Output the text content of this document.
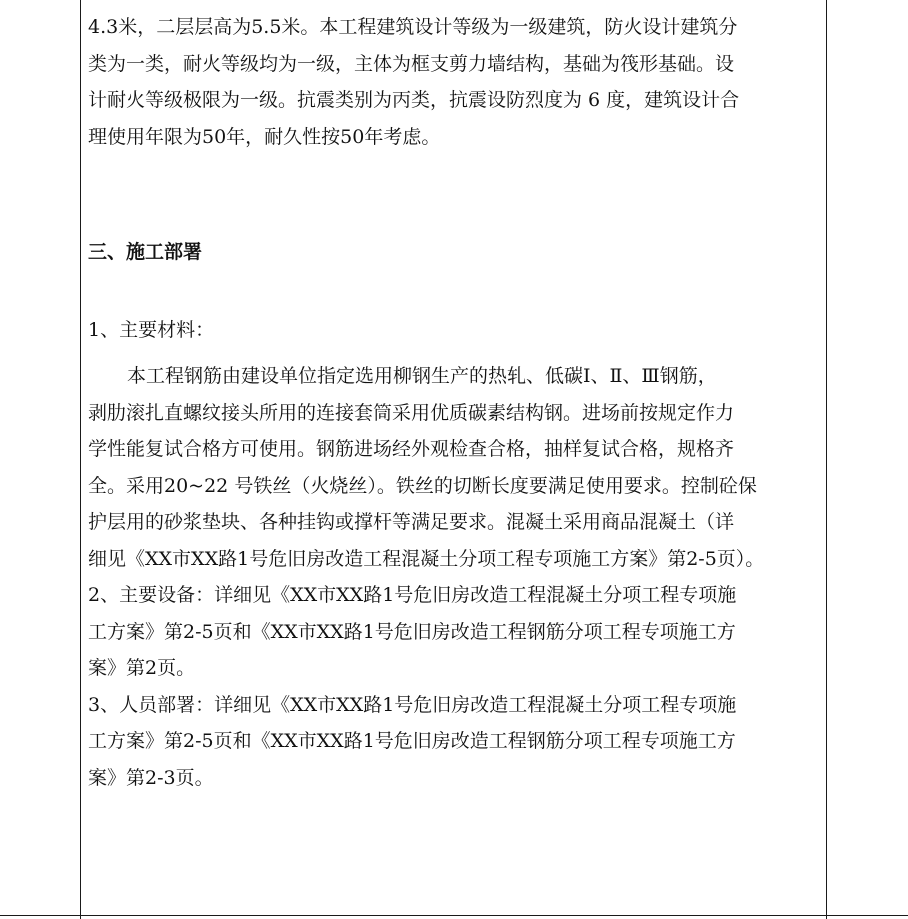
4.3米，二层层高为5.5米。本工程建筑设计等级为一级建筑，防火设计建筑分
类为一类，耐火等级均为一级，主体为框支剪力墙结构，基础为筏形基础。设
计耐火等级极限为一级。抗震类别为丙类，抗震设防烈度为 6 度，建筑设计合
理使用年限为50年，耐久性按50年考虑。
三、施工部署
1、主要材料：
本工程钢筋由建设单位指定选用柳钢生产的热轧、低碳Ⅰ、Ⅱ、Ⅲ钢筋，
剥肋滚扎直螺纹接头所用的连接套筒采用优质碳素结构钢。进场前按规定作力
学性能复试合格方可使用。钢筋进场经外观检查合格，抽样复试合格，规格齐
全。采用20~22 号铁丝（火烧丝）。铁丝的切断长度要满足使用要求。控制砼保
护层用的砂浆垫块、各种挂钩或撑杆等满足要求。混凝土采用商品混凝土（详
细见《XX市XX路1号危旧房改造工程混凝土分项工程专项施工方案》第2-5页）。
2、主要设备：详细见《XX市XX路1号危旧房改造工程混凝土分项工程专项施
工方案》第2-5页和《XX市XX路1号危旧房改造工程钢筋分项工程专项施工方
案》第2页。
3、人员部署：详细见《XX市XX路1号危旧房改造工程混凝土分项工程专项施
工方案》第2-5页和《XX市XX路1号危旧房改造工程钢筋分项工程专项施工方
案》第2-3页。
